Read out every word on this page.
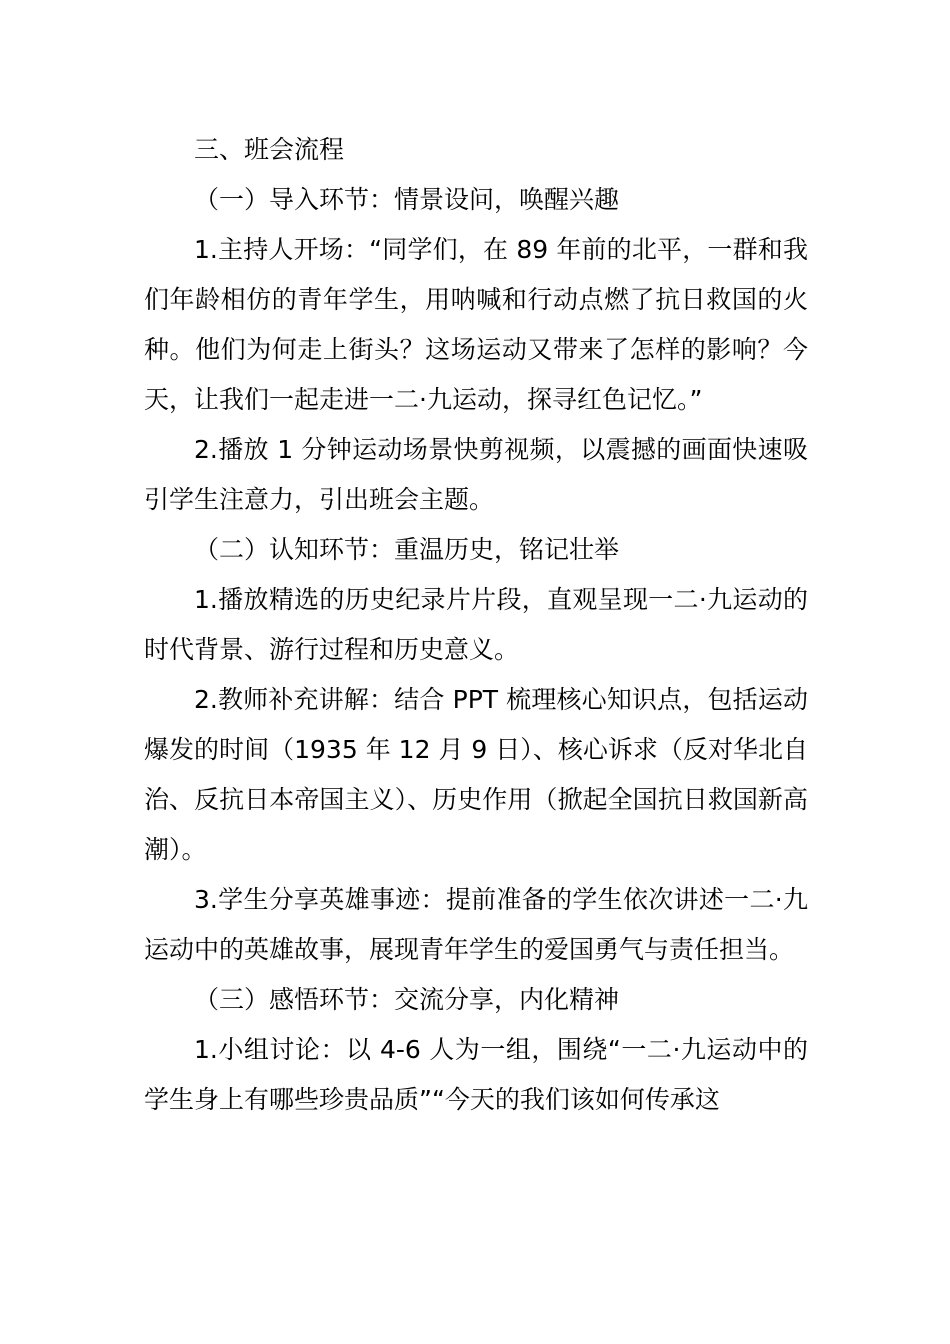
三、班会流程

（一）导入环节：情景设问，唤醒兴趣

1.主持人开场：“同学们，在 89 年前的北平，一群和我们年龄相仿的青年学生，用呐喊和行动点燃了抗日救国的火种。他们为何走上街头？这场运动又带来了怎样的影响？今天，让我们一起走进一二·九运动，探寻红色记忆。”

2.播放 1 分钟运动场景快剪视频，以震撼的画面快速吸引学生注意力，引出班会主题。

（二）认知环节：重温历史，铭记壮举

1.播放精选的历史纪录片片段，直观呈现一二·九运动的时代背景、游行过程和历史意义。

2.教师补充讲解：结合 PPT 梳理核心知识点，包括运动爆发的时间（1935 年 12 月 9 日）、核心诉求（反对华北自治、反抗日本帝国主义）、历史作用（掀起全国抗日救国新高潮）。

3.学生分享英雄事迹：提前准备的学生依次讲述一二·九运动中的英雄故事，展现青年学生的爱国勇气与责任担当。

（三）感悟环节：交流分享，内化精神

1.小组讨论：以 4-6 人为一组，围绕“一二·九运动中的学生身上有哪些珍贵品质”“今天的我们该如何传承这
